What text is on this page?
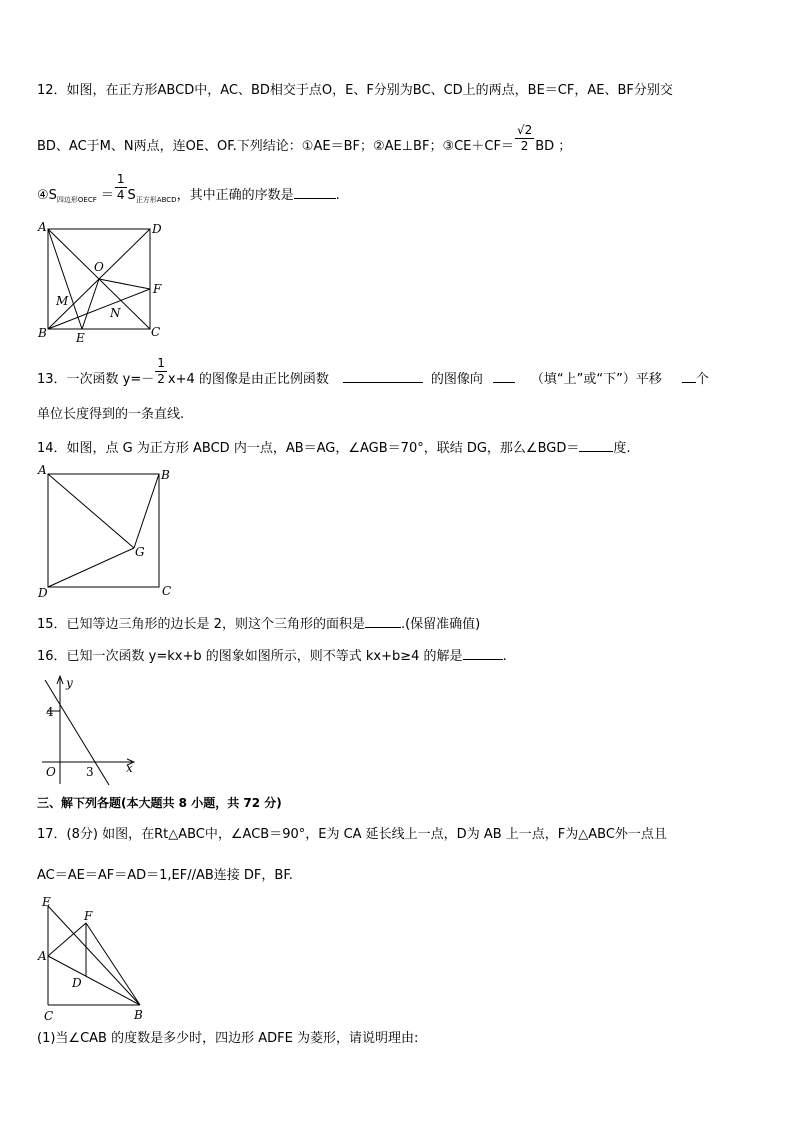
12．如图，在正方形ABCD中，AC、BD相交于点O，E、F分别为BC、CD上的两点，BE＝CF，AE、BF分别交
BD、AC于M、N两点，连OE、OF.下列结论：①AE＝BF；②AE⊥BF；③CE＋CF＝ $\frac{√2}{2}$ BD ；
$④S_{四边形OECF} = \frac{1}{4} S_{正方形ABCD}$，其中正确的序数是	.
A	D
O
M
F
N
B E	C
13．一次函数 $y=- \frac{1}{2} x+4$ 的图像是由正比例函数	的图像向	（填“上”或“下”）平移	个
单位长度得到的一条直线.
14．如图，点 G 为正方形 ABCD 内一点，AB＝AG，∠AGB＝70°，联结 DG，那么∠BGD＝	度.
A	B
G
D	C
15．已知等边三角形的边长是 2，则这个三角形的面积是	.(保留准确值)
16．已知一次函数 y=kx+b 的图象如图所示，则不等式 kx+b≥4 的解是	.
y
x
4
O	3
三、解下列各题(本大题共 8 小题，共 72 分)
17．(8分) 如图，在Rt△ABC中，∠ACB＝90°，E为 CA 延长线上一点，D为 AB 上一点，F为△ABC外一点且
AC＝AE＝AF＝AD＝1,EF//AB连接 DF，BF.
E
F
A
D
C	B
(1)当∠CAB 的度数是多少时，四边形 ADFE 为菱形，请说明理由:
